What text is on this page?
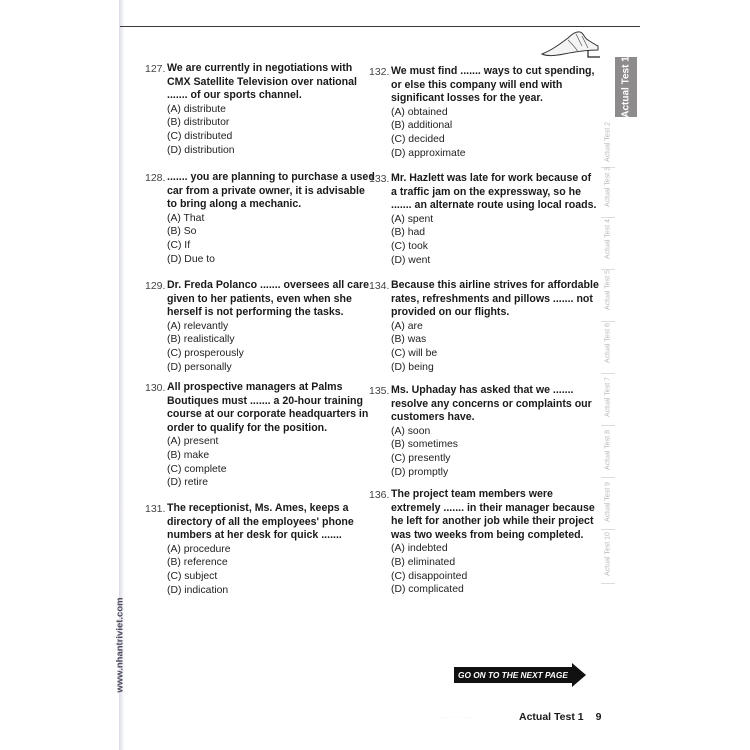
Actual Test 1
Actual Test 2
Actual Test 3
Actual Test 4
Actual Test 5
Actual Test 6
Actual Test 7
Actual Test 8
Actual Test 9
Actual Test 10
127. We are currently in negotiations with CMX Satellite Television over national ....... of our sports channel.
(A) distribute
(B) distributor
(C) distributed
(D) distribution
128. ....... you are planning to purchase a used car from a private owner, it is advisable to bring along a mechanic.
(A) That
(B) So
(C) If
(D) Due to
129. Dr. Freda Polanco ....... oversees all care given to her patients, even when she herself is not performing the tasks.
(A) relevantly
(B) realistically
(C) prosperously
(D) personally
130. All prospective managers at Palms Boutiques must ....... a 20-hour training course at our corporate headquarters in order to qualify for the position.
(A) present
(B) make
(C) complete
(D) retire
131. The receptionist, Ms. Ames, keeps a directory of all the employees' phone numbers at her desk for quick .......
(A) procedure
(B) reference
(C) subject
(D) indication
132. We must find ....... ways to cut spending, or else this company will end with significant losses for the year.
(A) obtained
(B) additional
(C) decided
(D) approximate
133. Mr. Hazlett was late for work because of a traffic jam on the expressway, so he ....... an alternate route using local roads.
(A) spent
(B) had
(C) took
(D) went
134. Because this airline strives for affordable rates, refreshments and pillows ....... not provided on our flights.
(A) are
(B) was
(C) will be
(D) being
135. Ms. Uphaday has asked that we ....... resolve any concerns or complaints our customers have.
(A) soon
(B) sometimes
(C) presently
(D) promptly
136. The project team members were extremely ....... in their manager because he left for another job while their project was two weeks from being completed.
(A) indebted
(B) eliminated
(C) disappointed
(D) complicated
www.nhantriviet.com	GO ON TO THE NEXT PAGE
··· ··· ···	Actual Test 1 9
